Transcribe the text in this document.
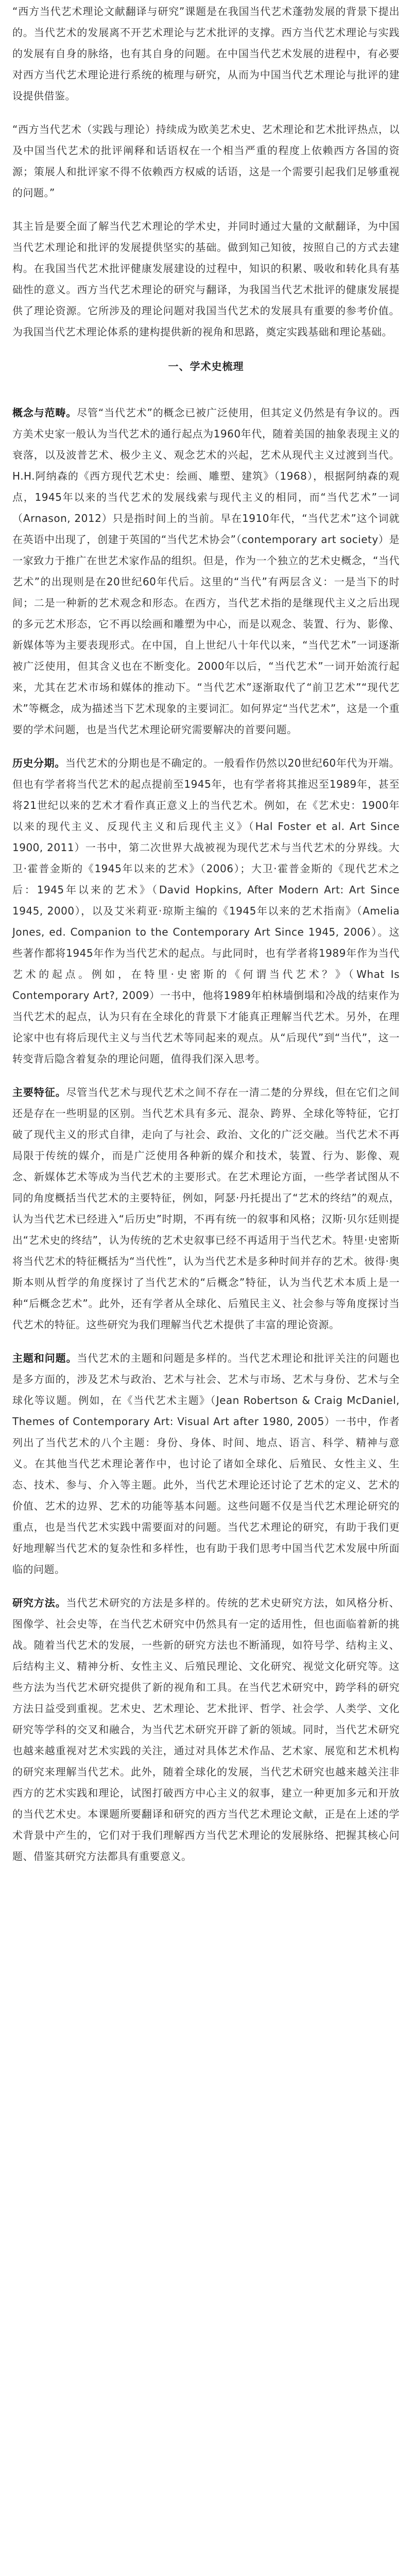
“西方当代艺术理论文献翻译与研究”课题是在我国当代艺术蓬勃发展的背景下提出的。当代艺术的发展离不开艺术理论与艺术批评的支撑。西方当代艺术理论与实践的发展有自身的脉络，也有其自身的问题。在中国当代艺术发展的进程中，有必要对西方当代艺术理论进行系统的梳理与研究，从而为中国当代艺术理论与批评的建设提供借鉴。

“西方当代艺术（实践与理论）持续成为欧美艺术史、艺术理论和艺术批评热点，以及中国当代艺术的批评阐释和话语权在一个相当严重的程度上依赖西方各国的资源；策展人和批评家不得不依赖西方权威的话语，这是一个需要引起我们足够重视的问题。”

其主旨是要全面了解当代艺术理论的学术史，并同时通过大量的文献翻译，为中国当代艺术理论和批评的发展提供坚实的基础。做到知己知彼，按照自己的方式去建构。在我国当代艺术批评健康发展建设的过程中，知识的积累、吸收和转化具有基础性的意义。西方当代艺术理论的研究与翻译，为我国当代艺术批评的健康发展提供了理论资源。它所涉及的理论问题对我国当代艺术的发展具有重要的参考价值。为我国当代艺术理论体系的建构提供新的视角和思路，奠定实践基础和理论基础。

一、学术史梳理

概念与范畴。尽管“当代艺术”的概念已被广泛使用，但其定义仍然是有争议的。西方美术史家一般认为当代艺术的通行起点为1960年代，随着美国的抽象表现主义的衰落，以及波普艺术、极少主义、观念艺术的兴起，艺术从现代主义过渡到当代。H.H.阿纳森的《西方现代艺术史：绘画、雕塑、建筑》（1968），根据阿纳森的观点，1945年以来的当代艺术的发展线索与现代主义的相同，而“当代艺术”一词（Arnason, 2012）只是指时间上的当前。早在1910年代，“当代艺术”这个词就在英语中出现了，创建于英国的“当代艺术协会”（contemporary art society）是一家致力于推广在世艺术家作品的组织。但是，作为一个独立的艺术史概念，“当代艺术”的出现则是在20世纪60年代后。这里的“当代”有两层含义：一是当下的时间；二是一种新的艺术观念和形态。在西方，当代艺术指的是继现代主义之后出现的多元艺术形态，它不再以绘画和雕塑为中心，而是以观念、装置、行为、影像、新媒体等为主要表现形式。在中国，自上世纪八十年代以来，“当代艺术”一词逐渐被广泛使用，但其含义也在不断变化。2000年以后，“当代艺术”一词开始流行起来，尤其在艺术市场和媒体的推动下。“当代艺术”逐渐取代了“前卫艺术”“现代艺术”等概念，成为描述当下艺术现象的主要词汇。如何界定“当代艺术”，这是一个重要的学术问题，也是当代艺术理论研究需要解决的首要问题。

历史分期。当代艺术的分期也是不确定的。一般看作仍然以20世纪60年代为开端。但也有学者将当代艺术的起点提前至1945年，也有学者将其推迟至1989年，甚至将21世纪以来的艺术才看作真正意义上的当代艺术。例如，在《艺术史：1900年以来的现代主义、反现代主义和后现代主义》（Hal Foster et al. Art Since 1900, 2011）一书中，第二次世界大战被视为现代艺术与当代艺术的分界线。大卫·霍普金斯的《1945年以来的艺术》（2006）；大卫·霍普金斯的《现代艺术之后：1945年以来的艺术》（David Hopkins, After Modern Art: Art Since 1945, 2000），以及艾米莉亚·琼斯主编的《1945年以来的艺术指南》（Amelia Jones, ed. Companion to the Contemporary Art Since 1945, 2006）。这些著作都将1945年作为当代艺术的起点。与此同时，也有学者将1989年作为当代艺术的起点。例如，在特里·史密斯的《何谓当代艺术？》（What Is Contemporary Art?, 2009）一书中，他将1989年柏林墙倒塌和冷战的结束作为当代艺术的起点，认为只有在全球化的背景下才能真正理解当代艺术。另外，在理论家中也有将后现代主义与当代艺术等同起来的观点。从“后现代”到“当代”，这一转变背后隐含着复杂的理论问题，值得我们深入思考。

主要特征。尽管当代艺术与现代艺术之间不存在一清二楚的分界线，但在它们之间还是存在一些明显的区别。当代艺术具有多元、混杂、跨界、全球化等特征，它打破了现代主义的形式自律，走向了与社会、政治、文化的广泛交融。当代艺术不再局限于传统的媒介，而是广泛使用各种新的媒介和技术，装置、行为、影像、观念、新媒体艺术等成为当代艺术的主要形式。在艺术理论方面，一些学者试图从不同的角度概括当代艺术的主要特征，例如，阿瑟·丹托提出了“艺术的终结”的观点，认为当代艺术已经进入“后历史”时期，不再有统一的叙事和风格；汉斯·贝尔廷则提出“艺术史的终结”，认为传统的艺术史叙事已经不再适用于当代艺术。特里·史密斯将当代艺术的特征概括为“当代性”，认为当代艺术是多种时间并存的艺术。彼得·奥斯本则从哲学的角度探讨了当代艺术的“后概念”特征，认为当代艺术本质上是一种“后概念艺术”。此外，还有学者从全球化、后殖民主义、社会参与等角度探讨当代艺术的特征。这些研究为我们理解当代艺术提供了丰富的理论资源。

主题和问题。当代艺术的主题和问题是多样的。当代艺术理论和批评关注的问题也是多方面的，涉及艺术与政治、艺术与社会、艺术与市场、艺术与身份、艺术与全球化等议题。例如，在《当代艺术主题》（Jean Robertson & Craig McDaniel, Themes of Contemporary Art: Visual Art after 1980, 2005）一书中，作者列出了当代艺术的八个主题：身份、身体、时间、地点、语言、科学、精神与意义。在其他当代艺术理论著作中，也讨论了诸如全球化、后殖民、女性主义、生态、技术、参与、介入等主题。此外，当代艺术理论还讨论了艺术的定义、艺术的价值、艺术的边界、艺术的功能等基本问题。这些问题不仅是当代艺术理论研究的重点，也是当代艺术实践中需要面对的问题。当代艺术理论的研究，有助于我们更好地理解当代艺术的复杂性和多样性，也有助于我们思考中国当代艺术发展中所面临的问题。

研究方法。当代艺术研究的方法是多样的。传统的艺术史研究方法，如风格分析、图像学、社会史等，在当代艺术研究中仍然具有一定的适用性，但也面临着新的挑战。随着当代艺术的发展，一些新的研究方法也不断涌现，如符号学、结构主义、后结构主义、精神分析、女性主义、后殖民理论、文化研究、视觉文化研究等。这些方法为当代艺术研究提供了新的视角和工具。在当代艺术研究中，跨学科的研究方法日益受到重视。艺术史、艺术理论、艺术批评、哲学、社会学、人类学、文化研究等学科的交叉和融合，为当代艺术研究开辟了新的领域。同时，当代艺术研究也越来越重视对艺术实践的关注，通过对具体艺术作品、艺术家、展览和艺术机构的研究来理解当代艺术。此外，随着全球化的发展，当代艺术研究也越来越关注非西方的艺术实践和理论，试图打破西方中心主义的叙事，建立一种更加多元和开放的当代艺术史。本课题所要翻译和研究的西方当代艺术理论文献，正是在上述的学术背景中产生的，它们对于我们理解西方当代艺术理论的发展脉络、把握其核心问题、借鉴其研究方法都具有重要意义。
